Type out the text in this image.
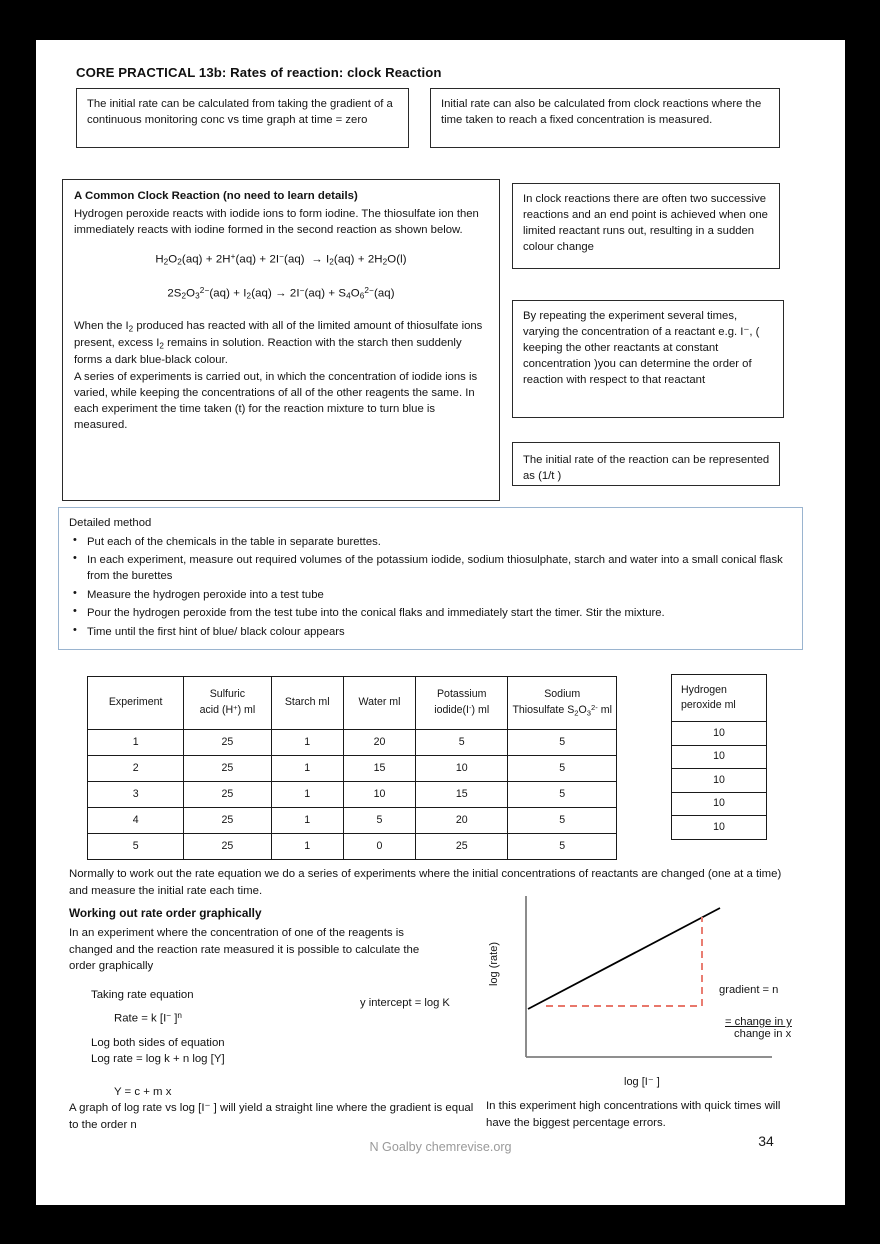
CORE PRACTICAL 13b: Rates of reaction: clock Reaction

The initial rate can be calculated from taking the gradient of a continuous monitoring conc vs time graph at time = zero

Initial rate can also be calculated from clock reactions where the time taken to reach a fixed concentration is measured.

A Common Clock Reaction (no need to learn details)

Hydrogen peroxide reacts with iodide ions to form iodine. The thiosulfate ion then immediately reacts with iodine formed in the second reaction as shown below.

$H_2O_2(aq) + 2H^+(aq) + 2I^-(aq) \to I_2(aq) + 2H_2O(l)$
$2S_2O_3^{2-}(aq) + I_2(aq) \to 2I^-(aq) + S_4O_6^{2-}(aq)$

When the $I_2$ produced has reacted with all of the limited amount of thiosulfate ions present, excess $I_2$ remains in solution. Reaction with the starch then suddenly forms a dark blue-black colour.

A series of experiments is carried out, in which the concentration of iodide ions is varied, while keeping the concentrations of all of the other reagents the same. In each experiment the time taken (t) for the reaction mixture to turn blue is measured.

In clock reactions there are often two successive reactions and an end point is achieved when one limited reactant runs out, resulting in a sudden colour change

By repeating the experiment several times, varying the concentration of a reactant e.g. I⁻, ( keeping the other reactants at constant concentration )you can determine the order of reaction with respect to that reactant

The initial rate of the reaction can be represented as (1/t )

Detailed method
• Put each of the chemicals in the table in separate burettes.
• In each experiment, measure out required volumes of the potassium iodide, sodium thiosulphate, starch and water into a small conical flask from the burettes
• Measure the hydrogen peroxide into a test tube
• Pour the hydrogen peroxide from the test tube into the conical flaks and immediately start the timer. Stir the mixture.
• Time until the first hint of blue/ black colour appears
Experiment	Sulfuric
acid (H+) ml	Starch ml	Water ml	Potassium
iodide(I-) ml	Sodium
Thiosulfate $S_2O_3^{2-}$ ml
1	25	1	20	5	5
2	25	1	15	10	5
3	25	1	10	15	5
4	25	1	5	20	5
5	25	1	0	25	5
Hydrogen peroxide ml
10
10
10
10
10
Normally to work out the rate equation we do a series of experiments where the initial concentrations of reactants are changed (one at a time) and measure the initial rate each time.
Working out rate order graphically
In an experiment where the concentration of one of the reagents is changed and the reaction rate measured it is possible to calculate the order graphically
Taking rate equation
Rate = k [I− ]$^n$
Log both sides of equation
Log rate = log k + n log [Y]
Y = c + m x
A graph of log rate vs log [I⁻ ] will yield a straight line where the gradient is equal to the order n
In this experiment high concentrations with quick times will have the biggest percentage errors.
log (rate)
log [I⁻ ]
y intercept = log K
gradient = n
= change in y
change in x
N Goalby chemrevise.org	34
